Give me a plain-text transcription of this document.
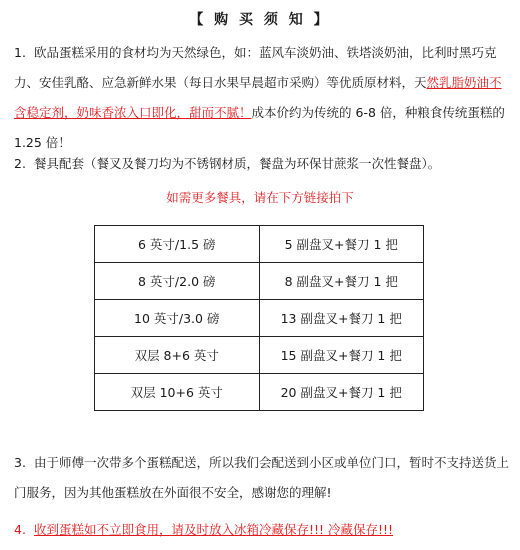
【 购 买 须 知 】
1. 欧品蛋糕采用的食材均为天然绿色，如：蓝风车淡奶油、铁塔淡奶油，比利时黑巧克力、安佳乳酪、应急新鲜水果（每日水果早晨超市采购）等优质原材料，天然乳脂奶油不含稳定剂，奶味香浓入口即化，甜而不腻！成本价约为传统的 6-8 倍，种粮食传统蛋糕的 1.25 倍！
2. 餐具配套（餐叉及餐刀均为不锈钢材质，餐盘为环保甘蔗浆一次性餐盘）。
如需更多餐具，请在下方链接拍下
6 英寸/1.5 磅	5 副盘叉+餐刀 1 把
8 英寸/2.0 磅	8 副盘叉+餐刀 1 把
10 英寸/3.0 磅	13 副盘叉+餐刀 1 把
双层 8+6 英寸	15 副盘叉+餐刀 1 把
双层 10+6 英寸	20 副盘叉+餐刀 1 把
3. 由于师傅一次带多个蛋糕配送，所以我们会配送到小区或单位门口，暂时不支持送货上门服务，因为其他蛋糕放在外面很不安全，感谢您的理解!
4. 收到蛋糕如不立即食用，请及时放入冰箱冷藏保存!!! 冷藏保存!!!
